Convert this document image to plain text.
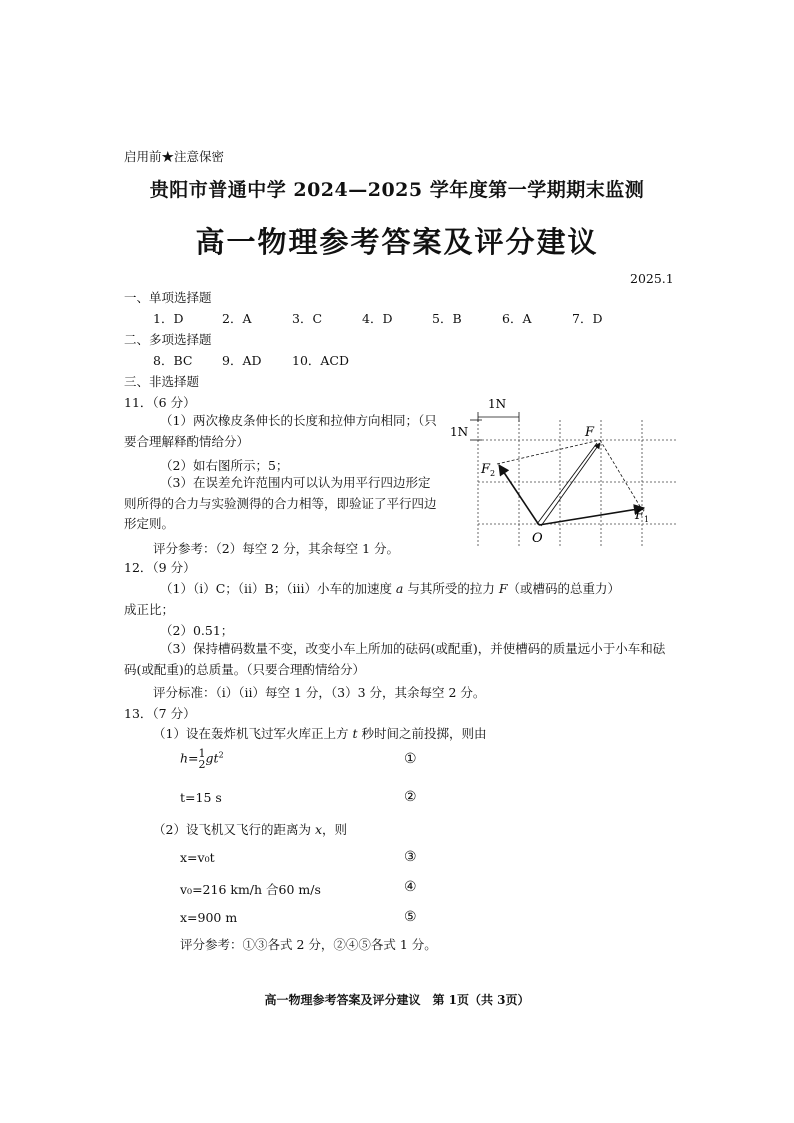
启用前★注意保密
贵阳市普通中学 2024—2025 学年度第一学期期末监测
高一物理参考答案及评分建议
2025.1
一、单项选择题
1．D	2．A	3．C	4．D	5．B	6．A	7．D
二、多项选择题
8．BC 9．AD 10．ACD
三、非选择题
11．（6 分）
（1）两次橡皮条伸长的长度和拉伸方向相同；（只要合理解释酌情给分）
（2）如右图所示；5；
（3）在误差允许范围内可以认为用平行四边形定则所得的合力与实验测得的合力相等，即验证了平行四边形定则。
评分参考：（2）每空 2 分，其余每空 1 分。
1N
1N	F
$F_2$
$F_1$
O
12．（9 分）
（1）（ⅰ）C；（ⅱ）B；（ⅲ）小车的加速度 a 与其所受的拉力 F（或槽码的总重力）
成正比；
（2）0.51；
（3）保持槽码数量不变，改变小车上所加的砝码(或配重)，并使槽码的质量远小于小车和砝码(或配重)的总质量。（只要合理酌情给分）
评分标准：（ⅰ）（ⅱ）每空 1 分，（3）3 分，其余每空 2 分。
13．（7 分）
（1）设在轰炸机飞过军火库正上方 t 秒时间之前投掷，则由
h=1
$2gt^2$	①
t=15 s	②
（2）设飞机又飞行的距离为 x，则
x=v₀t	③
v₀=216 km/h 合60 m/s	④
x=900 m	⑤
评分参考：①③各式 2 分，②④⑤各式 1 分。
高一物理参考答案及评分建议　第 1页（共 3页）
